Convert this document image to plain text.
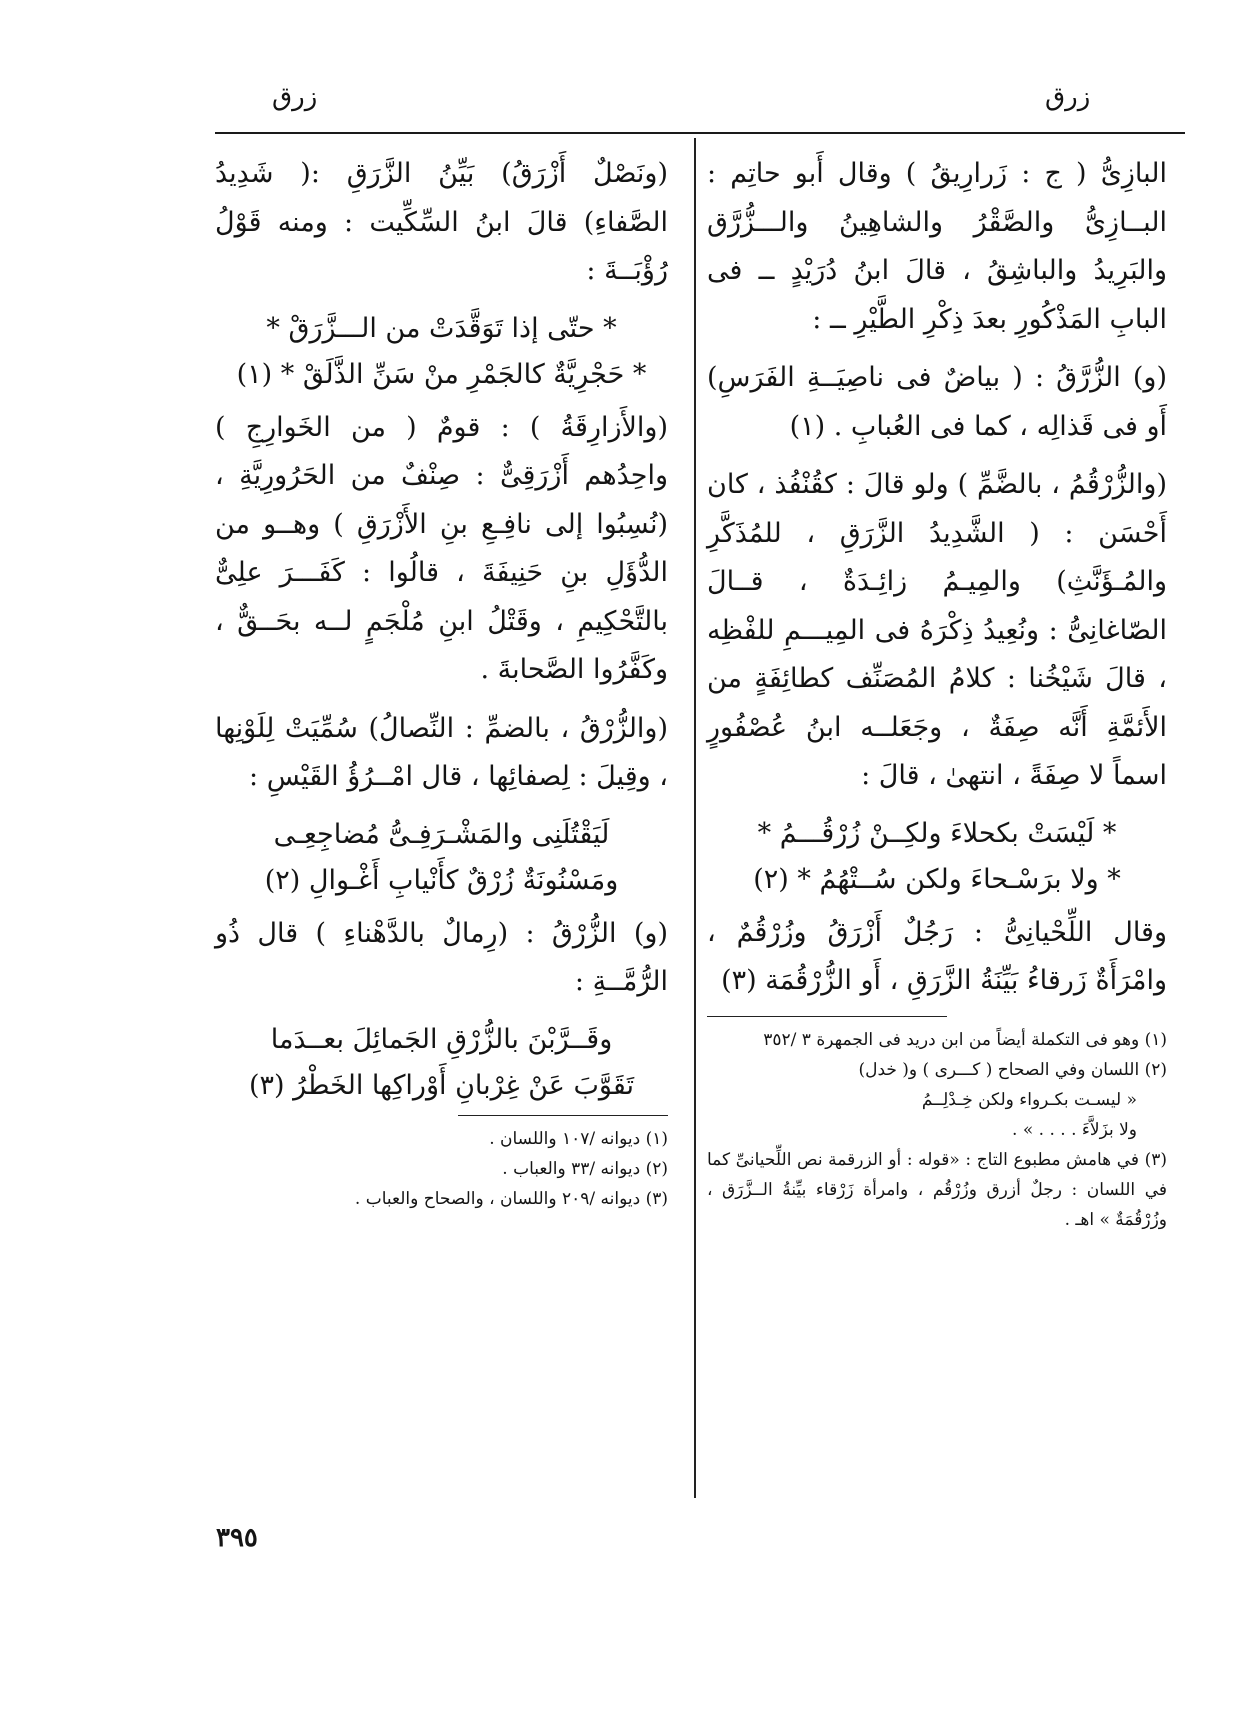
زرق
زرق

البازِىُّ ( ج : زَرارِيقُ ) وقال أَبو حاتِم : البــازِىُّ والصَّقْرُ والشاهِينُ والـــزُّرَّق والبَرِيدُ والباشِقُ ، قالَ ابنُ دُرَيْدٍ ــ فى البابِ المَذْكُورِ بعدَ ذِكْرِ الطَّيْرِ ــ :

(و) الزُّرَّقُ : ( بياضٌ فى ناصِيَــةِ الفَرَسِ) أَو فى قَذالِه ، كما فى العُبابِ . (١)

(والزُّرْقُمُ ، بالضَّمِّ ) ولو قالَ : كقُنْفُذ ، كان أَحْسَن : ( الشَّدِيدُ الزَّرَقِ ، للمُذَكَّرِ والمُـؤَنَّثِ) والمِيـمُ زائِـدَةٌ ، قــالَ الصّاغانِىُّ : ونُعِيدُ ذِكْرَهُ فى المِيـــمِ للفْظِه ، قالَ شَيْخُنا : كلامُ المُصَنِّف كطائِفَةٍ من الأَئمَّةِ أَنَّه صِفَةٌ ، وجَعَلــه ابنُ عُصْفُورٍ اسماً لا صِفَةً ، انتهىٰ ، قالَ :

* لَيْسَتْ بكحلاءَ ولكِــنْ زُرْقُـــمُ *
* ولا برَسْـحاءَ ولكن سُــتْهُمُ * (٢)

وقال اللِّحْيانِىُّ : رَجُلٌ أَزْرَقُ وزُرْقُمٌ ، وامْرَأَةٌ زَرقاءُ بَيِّنَةُ الزَّرَقِ ، أَو الزُّرْقُمَة (٣)

(١) وهو فى التكملة أيضاً من ابن دريد فى الجمهرة ٣ /٣٥٢

(٢) اللسان وفي الصحاح ( كـــرى ) و( خدل)

« ليسـت بكـرواء ولكن خِـدْلِــمُ

ولا بزَلاَّءَ . . . . » .

(٣) في هامش مطبوع التاج : «قوله : أو الزرقمة نص اللِّحيانىِّ كما في اللسان : رجلٌ أزرق وزُرْقُم ، وامرأة زَرْقاء بيِّنةُ الــزَّرَق ، وزُرْقُمَةٌ » اهـ .

(ونَصْلٌ أَزْرَقُ) بَيِّنُ الزَّرَقِ :( شَدِيدُ الصَّفاءِ) قالَ ابنُ السِّكِّيت : ومنه قَوْلُ رُؤْبَــةَ :

* حتّى إذا تَوَقَّدَتْ من الـــزَّرَقْ *
* حَجْرِيَّةٌ كالجَمْرِ منْ سَنِّ الذَّلَقْ * (١)

(والأَزارِقَةُ ) : قومٌ ( من الخَوارِجِ ) واحِدُهم أَزْرَقِىٌّ : صِنْفٌ من الحَرُورِيَّةِ ، (نُسِبُوا إلى نافِـعِ بنِ الأَزْرَقِ ) وهــو من الدُّؤَلِ بنِ حَنِيفَةَ ، قالُوا : كَفَـــرَ علِىٌّ بالتَّحْكِيمِ ، وقَتْلُ ابنِ مُلْجَمٍ لــه بحَــقٌّ ، وكَفَّرُوا الصَّحابةَ .

(والزُّرْقُ ، بالضمِّ : النِّصالُ) سُمِّيَتْ لِلَوْنِها ، وقِيلَ : لِصفائِها ، قال امْــرُؤُ القَيْسِ :

لَيَقْتُلَنِى والمَشْـرَفِـىُّ مُضاجِعِـى
ومَسْنُونَةٌ زُرْقٌ كأَنْيابِ أَغْـوالِ (٢)

(و) الزُّرْقُ : (رِمالٌ بالدَّهْناءِ ) قال ذُو الرُّمَّــةِ :

وقَــرَّبْنَ بالزُّرْقِ الجَمائِلَ بعــدَما
تَقَوَّبَ عَنْ غِرْبانِ أَوْراكِها الخَطْرُ (٣)

(١) ديوانه /١٠٧ واللسان .

(٢) ديوانه /٣٣ والعباب .

(٣) ديوانه /٢٠٩ واللسان ، والصحاح والعباب .

٣٩٥
